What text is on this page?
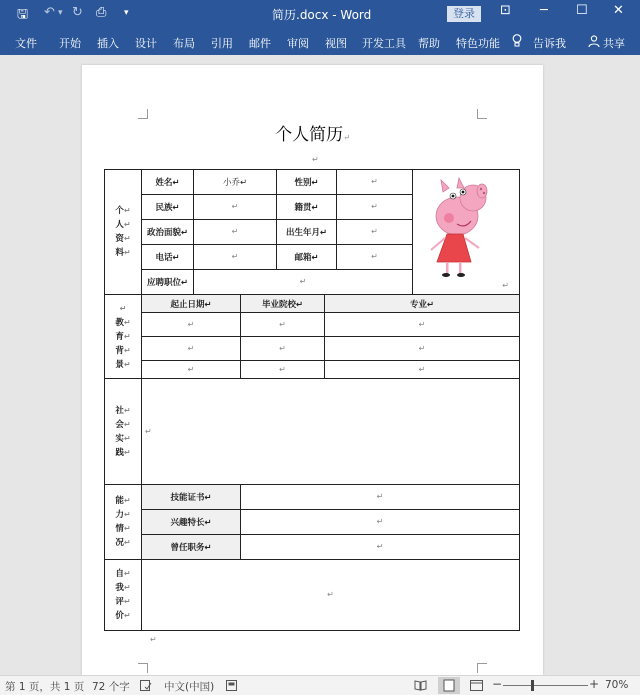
🖫 ↶ ▾ ↻ ⎙ ▾	简历.docx - Word	登录	⊡ ─ ☐ ✕
文件 开始 插入 设计 布局 引用 邮件 审阅 视图 开发工具 帮助 特色功能	告诉我	共享
个人简历↵
↵
个↵
人↵
资↵
料↵	姓名↵	小乔↵		性别↵		↵	↵

	民族↵	↵		籍贯↵		↵	
	政治面貌↵	↵		出生年月↵		↵	
	电话↵	↵		邮箱↵		↵	
	应聘职位↵	↵					

↵
教↵
育↵
背↵
景↵	起止日期↵		毕业院校↵		专业↵		
	↵		↵		↵		
	↵		↵		↵		
	↵		↵		↵		

社↵
会↵
实↵
践↵	↵						

能↵
力↵
情↵
况↵	技能证书↵		↵				
	兴趣特长↵		↵				
	曾任职务↵		↵				

自↵
我↵
评↵
价↵	↵						
↵
第 1 页，共 1 页 72 个字	中文(中国)	−	+ 70%
